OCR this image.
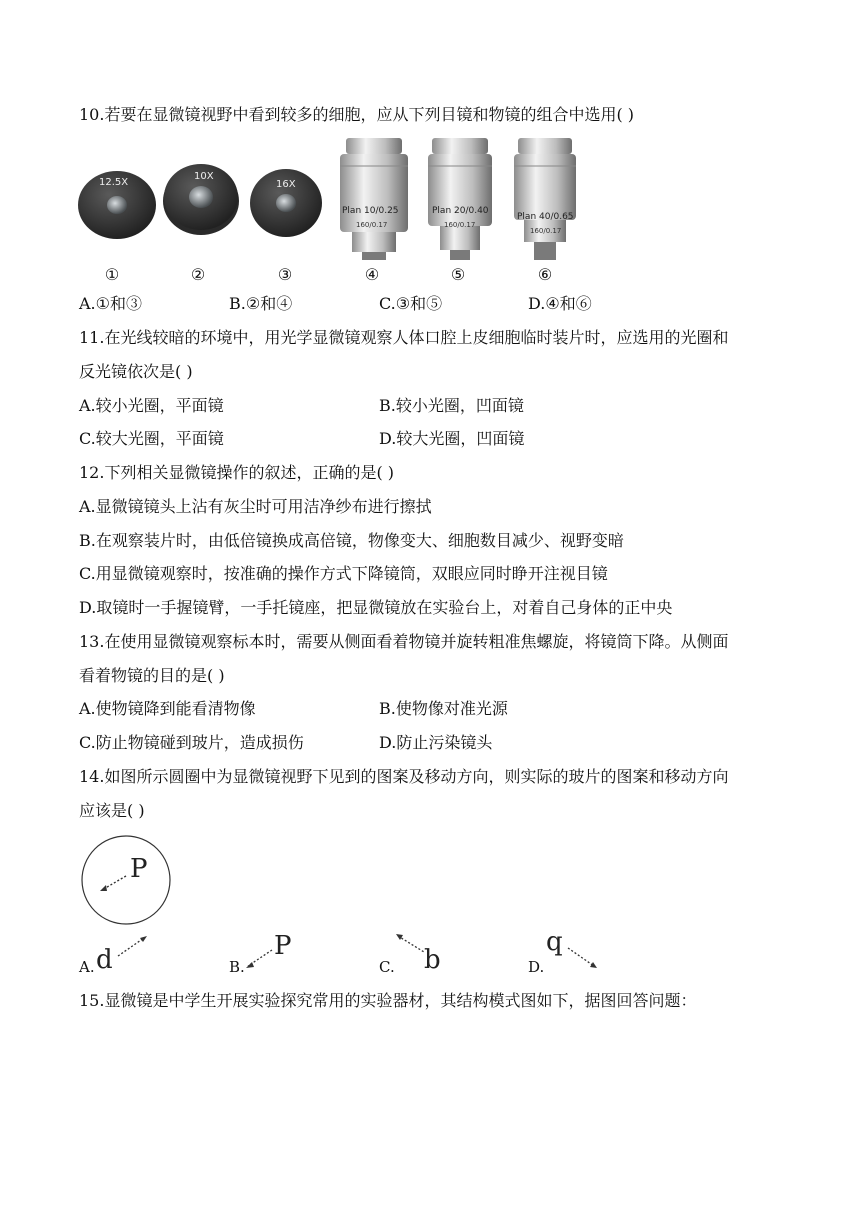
10.若要在显微镜视野中看到较多的细胞，应从下列目镜和物镜的组合中选用( )
12.5X
10X
16X
Plan 10/0.25
160/0.17
Plan 20/0.40
160/0.17
Plan 40/0.65
160/0.17
①	②	③	④	⑤	⑥
A.①和③	B.②和④	C.③和⑤	D.④和⑥
11.在光线较暗的环境中，用光学显微镜观察人体口腔上皮细胞临时装片时，应选用的光圈和
反光镜依次是( )
A.较小光圈，平面镜	B.较小光圈，凹面镜
C.较大光圈，平面镜	D.较大光圈，凹面镜
12.下列相关显微镜操作的叙述，正确的是( )
A.显微镜镜头上沾有灰尘时可用洁净纱布进行擦拭
B.在观察装片时，由低倍镜换成高倍镜，物像变大、细胞数目减少、视野变暗
C.用显微镜观察时，按准确的操作方式下降镜筒，双眼应同时睁开注视目镜
D.取镜时一手握镜臂，一手托镜座，把显微镜放在实验台上，对着自己身体的正中央
13.在使用显微镜观察标本时，需要从侧面看着物镜并旋转粗准焦螺旋，将镜筒下降。从侧面
看着物镜的目的是( )
A.使物镜降到能看清物像	B.使物像对准光源
C.防止物镜碰到玻片，造成损伤	D.防止污染镜头
14.如图所示圆圈中为显微镜视野下见到的图案及移动方向，则实际的玻片的图案和移动方向
应该是( )
P
A. d	B.
P
C. b	D.
q
15.显微镜是中学生开展实验探究常用的实验器材，其结构模式图如下，据图回答问题：
